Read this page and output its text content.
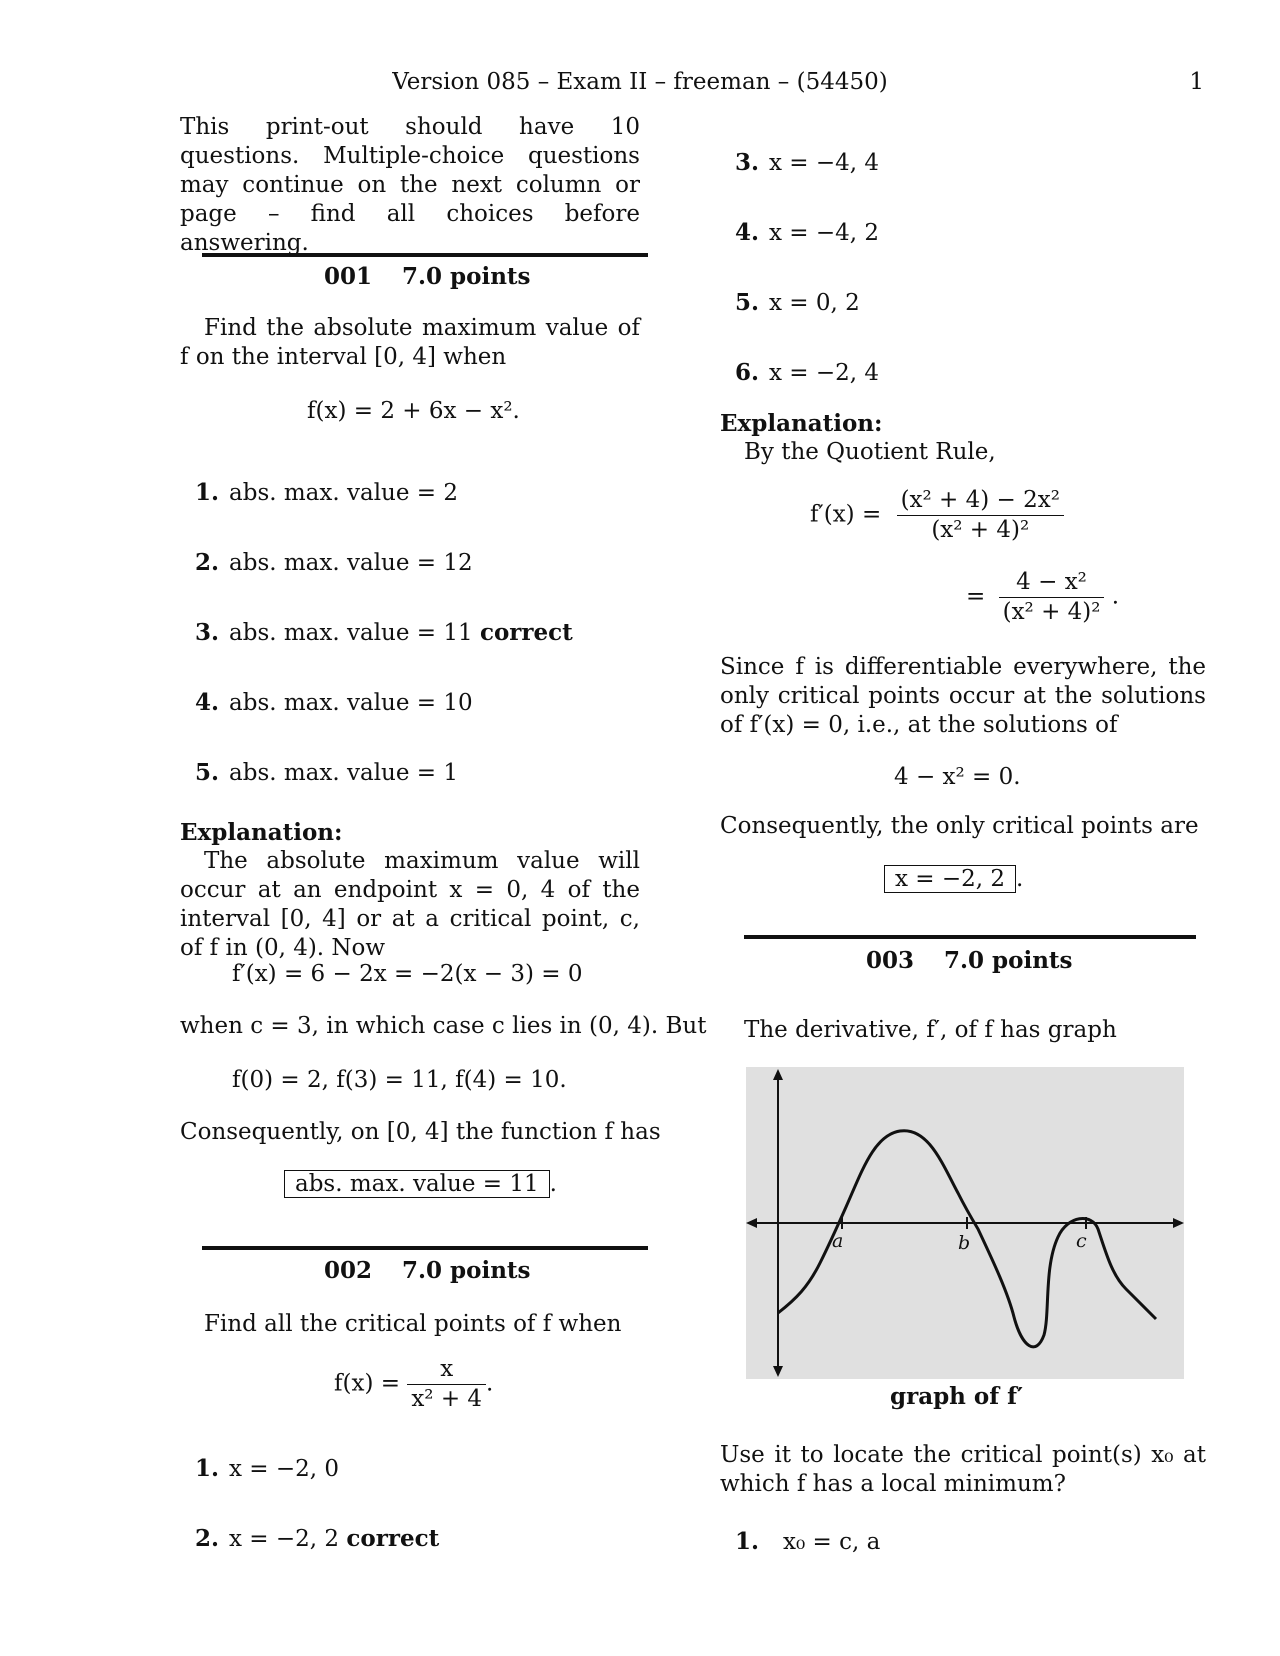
Version 085 – Exam II – freeman – (54450)	1
This print-out should have 10 questions. Multiple-choice questions may continue on the next column or page – find all choices before answering.
001 7.0 points
Find the absolute maximum value of f on the interval [0, 4] when
f(x) = 2 + 6x − x².
1. abs. max. value = 2
2. abs. max. value = 12
3. abs. max. value = 11 correct
4. abs. max. value = 10
5. abs. max. value = 1
Explanation:
The absolute maximum value will occur at an endpoint x = 0, 4 of the interval [0, 4] or at a critical point, c, of f in (0, 4). Now
f′(x) = 6 − 2x = −2(x − 3) = 0
when c = 3, in which case c lies in (0, 4). But
f(0) = 2, f(3) = 11, f(4) = 10.
Consequently, on [0, 4] the function f has
abs. max. value = 11 .
002 7.0 points
Find all the critical points of f when
$f(x) = \frac{x}{\text{x² + 4}}$ .
1. x = −2, 0
2. x = −2, 2 correct
3. x = −4, 4
4. x = −4, 2
5. x = 0, 2
6. x = −2, 4
Explanation:
By the Quotient Rule,
$f'(x) = \frac{\text{(x² + 4) − 2x²}}{\text{(x² + 4)²}}$
= $\frac{\text{4 − x²}}{\text{(x² + 4)²}}$ .
Since f is differentiable everywhere, the only critical points occur at the solutions of f′(x) = 0, i.e., at the solutions of
4 − x² = 0.
Consequently, the only critical points are
x = −2, 2 .
003 7.0 points
The derivative, f′, of f has graph
a	b	c
graph of f′
Use it to locate the critical point(s) x₀ at which f has a local minimum?
1. x₀ = c, a
